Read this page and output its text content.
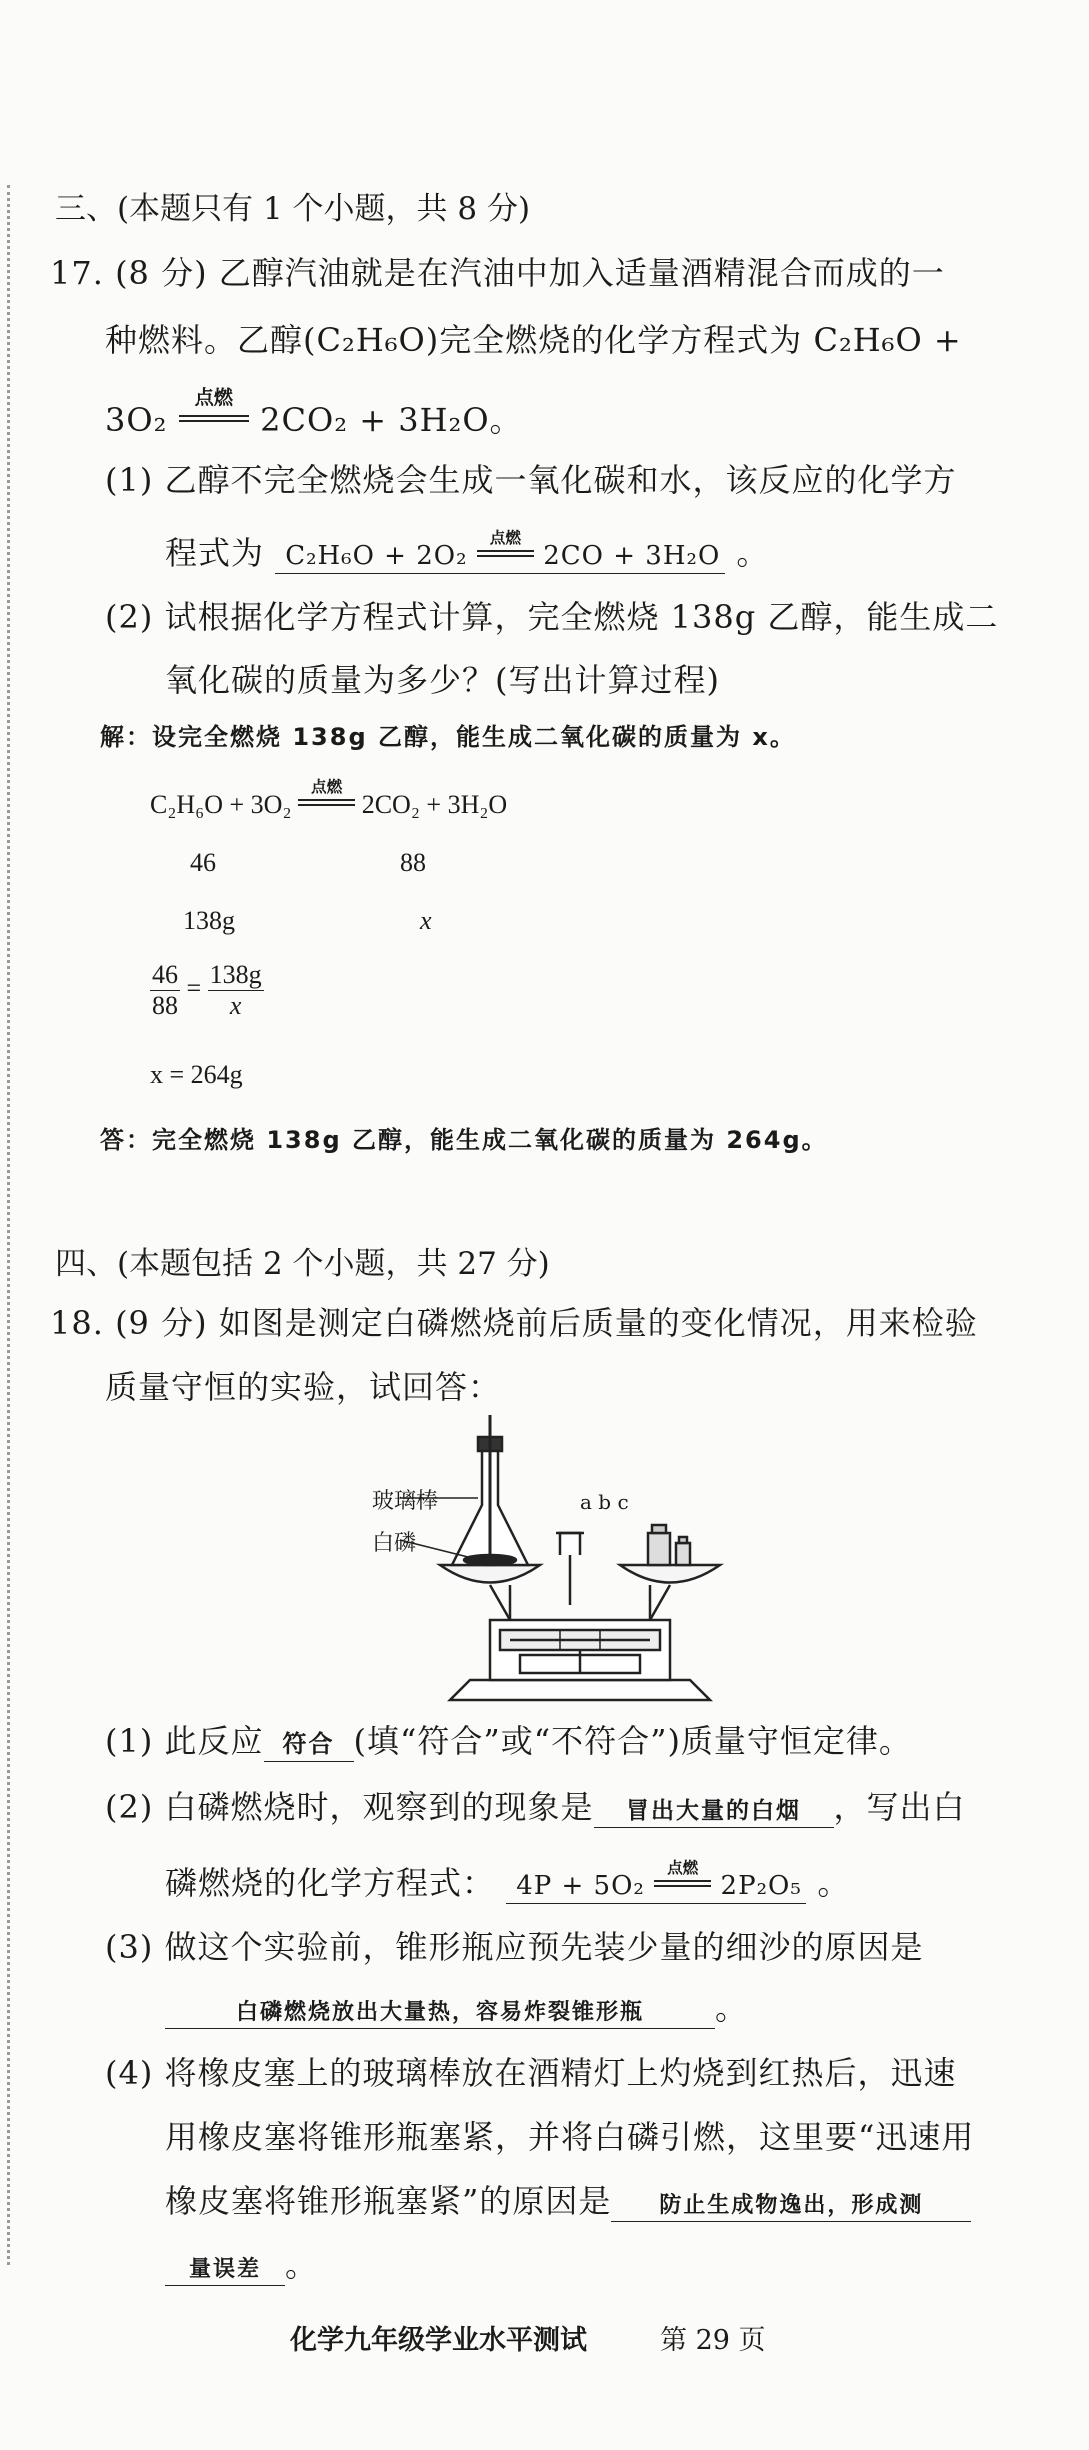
三、(本题只有 1 个小题，共 8 分)
17. (8 分) 乙醇汽油就是在汽油中加入适量酒精混合而成的一
种燃料。乙醇(C₂H₆O)完全燃烧的化学方程式为 C₂H₆O +
3O₂
点燃
2CO₂ + 3H₂O。
(1) 乙醇不完全燃烧会生成一氧化碳和水，该反应的化学方
程式为 C₂H₆O + 2O₂
点燃
2CO + 3H₂O 。
(2) 试根据化学方程式计算，完全燃烧 138g 乙醇，能生成二
氧化碳的质量为多少？(写出计算过程)
解：设完全燃烧 138g 乙醇，能生成二氧化碳的质量为 x。
C₂H₆O + 3O₂
点燃
2CO₂ + 3H₂O
46	88
138g	x
$\frac{46}{88} = \frac{138g}{x}$
x = 264g
答：完全燃烧 138g 乙醇，能生成二氧化碳的质量为 264g。
四、(本题包括 2 个小题，共 27 分)
18. (9 分) 如图是测定白磷燃烧前后质量的变化情况，用来检验
质量守恒的实验，试回答：
玻璃棒
白磷
a b c
(1) 此反应 符合 (填“符合”或“不符合”)质量守恒定律。
(2) 白磷燃烧时，观察到的现象是 冒出大量的白烟 ，写出白
磷燃烧的化学方程式： 4P + 5O₂
点燃
2P₂O₅ 。
(3) 做这个实验前，锥形瓶应预先装少量的细沙的原因是
白磷燃烧放出大量热，容易炸裂锥形瓶 。
(4) 将橡皮塞上的玻璃棒放在酒精灯上灼烧到红热后，迅速
用橡皮塞将锥形瓶塞紧，并将白磷引燃，这里要“迅速用
橡皮塞将锥形瓶塞紧”的原因是 防止生成物逸出，形成测
量误差 。
化学九年级学业水平测试	第 29 页
